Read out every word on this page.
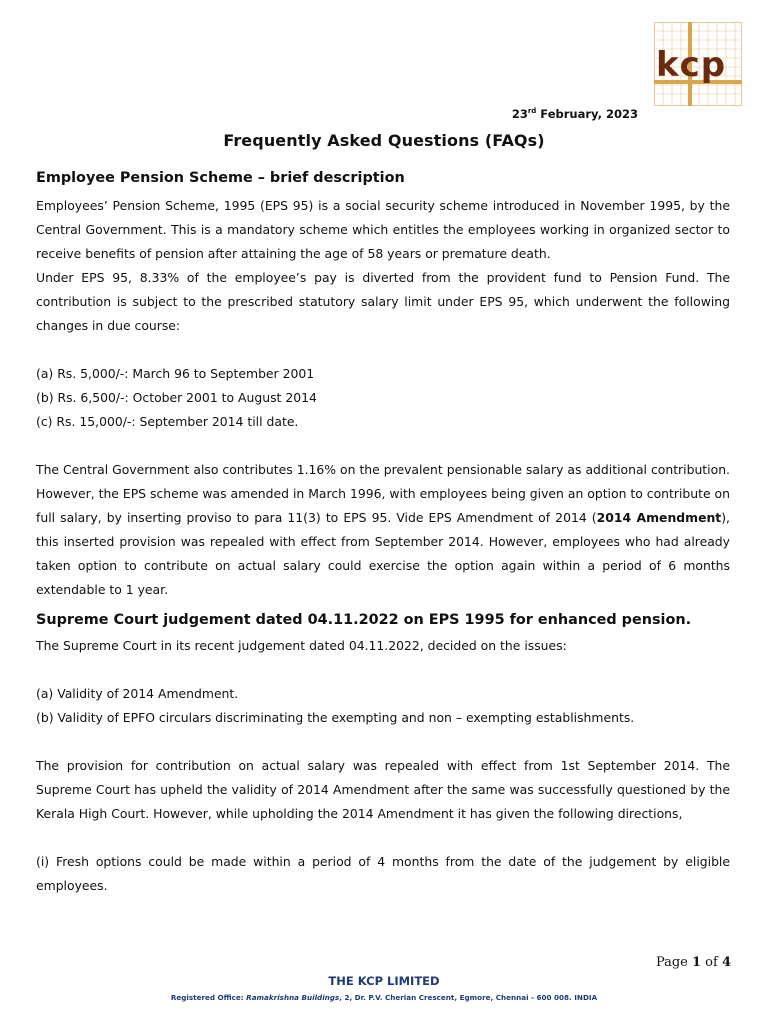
kcp
23rd February, 2023
Frequently Asked Questions (FAQs)

Employee Pension Scheme – brief description

Employees’ Pension Scheme, 1995 (EPS 95) is a social security scheme introduced in November 1995, by the Central Government. This is a mandatory scheme which entitles the employees working in organized sector to receive benefits of pension after attaining the age of 58 years or premature death.

Under EPS 95, 8.33% of the employee’s pay is diverted from the provident fund to Pension Fund. The contribution is subject to the prescribed statutory salary limit under EPS 95, which underwent the following changes in due course:

(a) Rs. 5,000/-: March 96 to September 2001

(b) Rs. 6,500/-: October 2001 to August 2014

(c) Rs. 15,000/-: September 2014 till date.

The Central Government also contributes 1.16% on the prevalent pensionable salary as additional contribution. However, the EPS scheme was amended in March 1996, with employees being given an option to contribute on full salary, by inserting proviso to para 11(3) to EPS 95. Vide EPS Amendment of 2014 (2014 Amendment), this inserted provision was repealed with effect from September 2014. However, employees who had already taken option to contribute on actual salary could exercise the option again within a period of 6 months extendable to 1 year.

Supreme Court judgement dated 04.11.2022 on EPS 1995 for enhanced pension.

The Supreme Court in its recent judgement dated 04.11.2022, decided on the issues:

(a) Validity of 2014 Amendment.

(b) Validity of EPFO circulars discriminating the exempting and non – exempting establishments.

The provision for contribution on actual salary was repealed with effect from 1st September 2014. The Supreme Court has upheld the validity of 2014 Amendment after the same was successfully questioned by the Kerala High Court. However, while upholding the 2014 Amendment it has given the following directions,

(i) Fresh options could be made within a period of 4 months from the date of the judgement by eligible employees.

Page 1 of 4
THE KCP LIMITED
Registered Office: Ramakrishna Buildings, 2, Dr. P.V. Cherian Crescent, Egmore, Chennai - 600 008. INDIA
